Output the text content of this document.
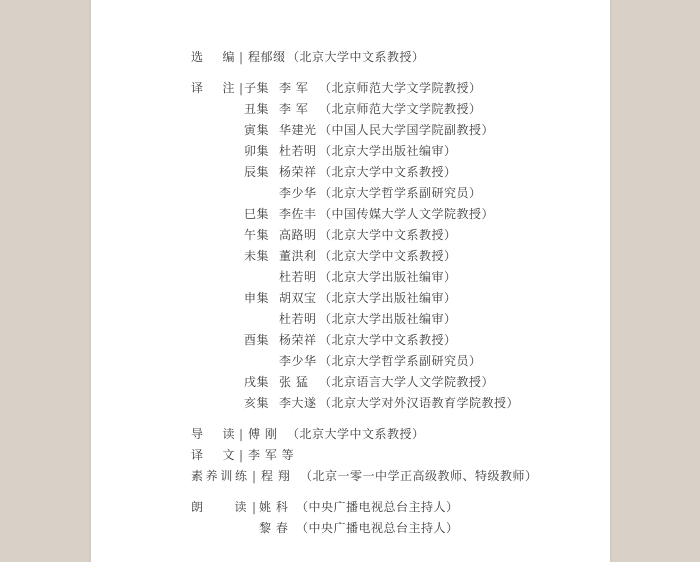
选 编 | 程郁缀 （北京大学中文系教授）
译 注 | 子集 李 军 （北京师范大学文学院教授）
丑集 李 军 （北京师范大学文学院教授）
寅集 华建光 （中国人民大学国学院副教授）
卯集 杜若明 （北京大学出版社编审）
辰集 杨荣祥 （北京大学中文系教授）
李少华 （北京大学哲学系副研究员）
巳集 李佐丰 （中国传媒大学人文学院教授）
午集 高路明 （北京大学中文系教授）
未集 董洪利 （北京大学中文系教授）
杜若明 （北京大学出版社编审）
申集 胡双宝 （北京大学出版社编审）
杜若明 （北京大学出版社编审）
酉集 杨荣祥 （北京大学中文系教授）
李少华 （北京大学哲学系副研究员）
戌集 张 猛 （北京语言大学人文学院教授）
亥集 李大遂 （北京大学对外汉语教育学院教授）
导 读 | 傅 刚 （北京大学中文系教授）
译 文 | 李 军 等
素养训练 | 程 翔 （北京一零一中学正高级教师、特级教师）
朗 读 | 姚 科 （中央广播电视总台主持人）
黎 春 （中央广播电视总台主持人）
